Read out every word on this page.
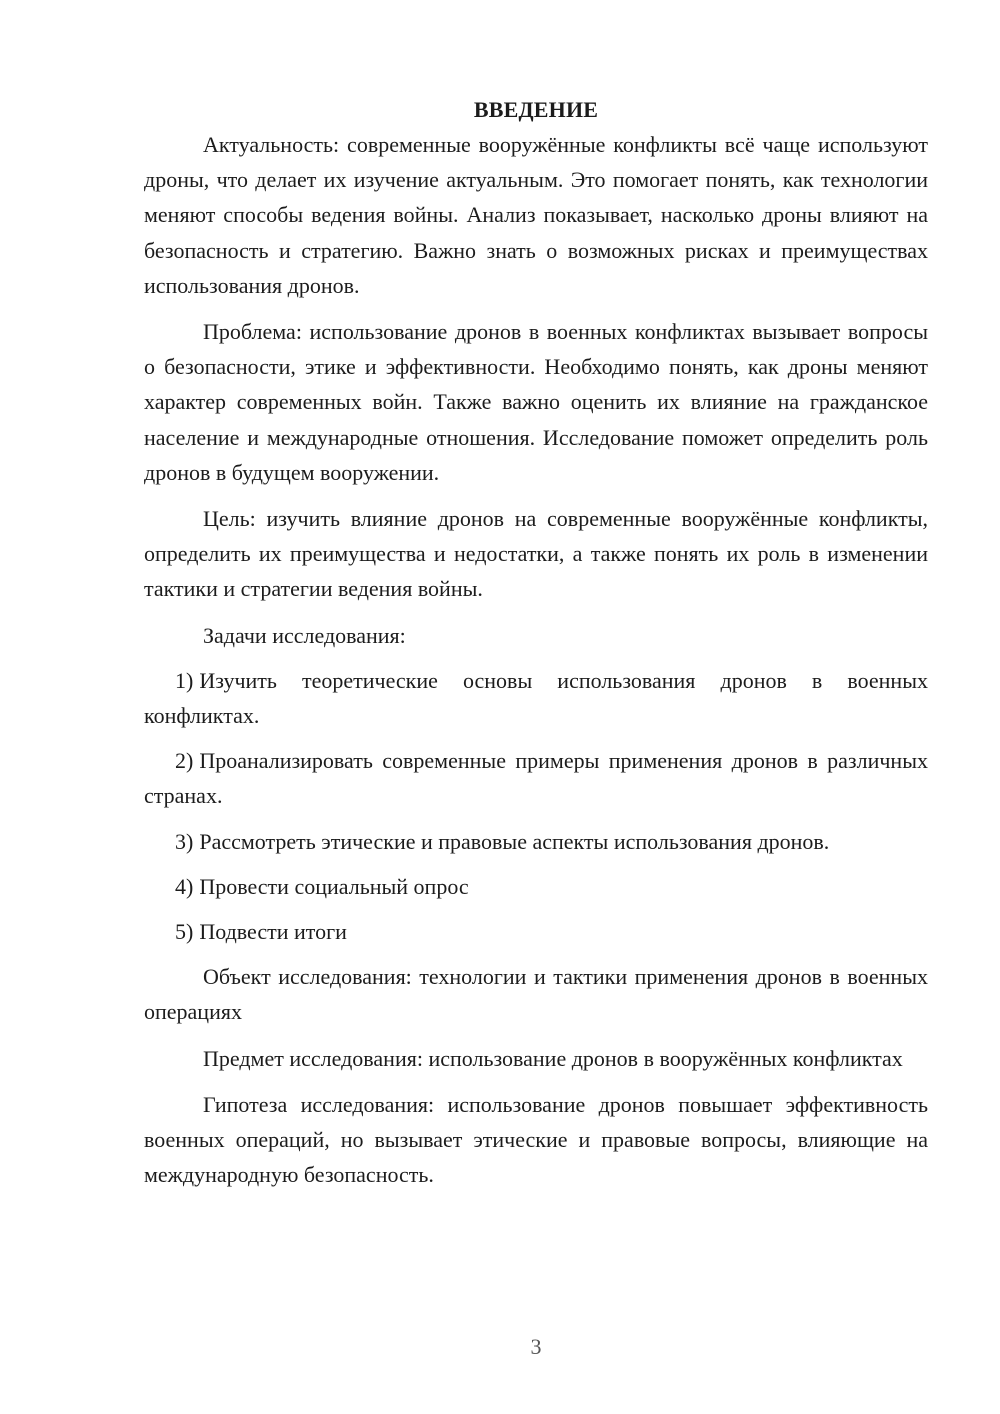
ВВЕДЕНИЕ

Актуальность: современные вооружённые конфликты всё чаще используют дроны, что делает их изучение актуальным. Это помогает понять, как технологии меняют способы ведения войны. Анализ показывает, насколько дроны влияют на безопасность и стратегию. Важно знать о возможных рисках и преимуществах использования дронов.

Проблема: использование дронов в военных конфликтах вызывает вопросы о безопасности, этике и эффективности. Необходимо понять, как дроны меняют характер современных войн. Также важно оценить их влияние на гражданское население и международные отношения. Исследование поможет определить роль дронов в будущем вооружении.

Цель: изучить влияние дронов на современные вооружённые конфликты, определить их преимущества и недостатки, а также понять их роль в изменении тактики и стратегии ведения войны.

Задачи исследования:

1) Изучить теоретические основы использования дронов в военных конфликтах.

2) Проанализировать современные примеры применения дронов в различных странах.

3) Рассмотреть этические и правовые аспекты использования дронов.

4) Провести социальный опрос

5) Подвести итоги

Объект исследования: технологии и тактики применения дронов в военных операциях

Предмет исследования: использование дронов в вооружённых конфликтах

Гипотеза исследования: использование дронов повышает эффективность военных операций, но вызывает этические и правовые вопросы, влияющие на международную безопасность.

3
